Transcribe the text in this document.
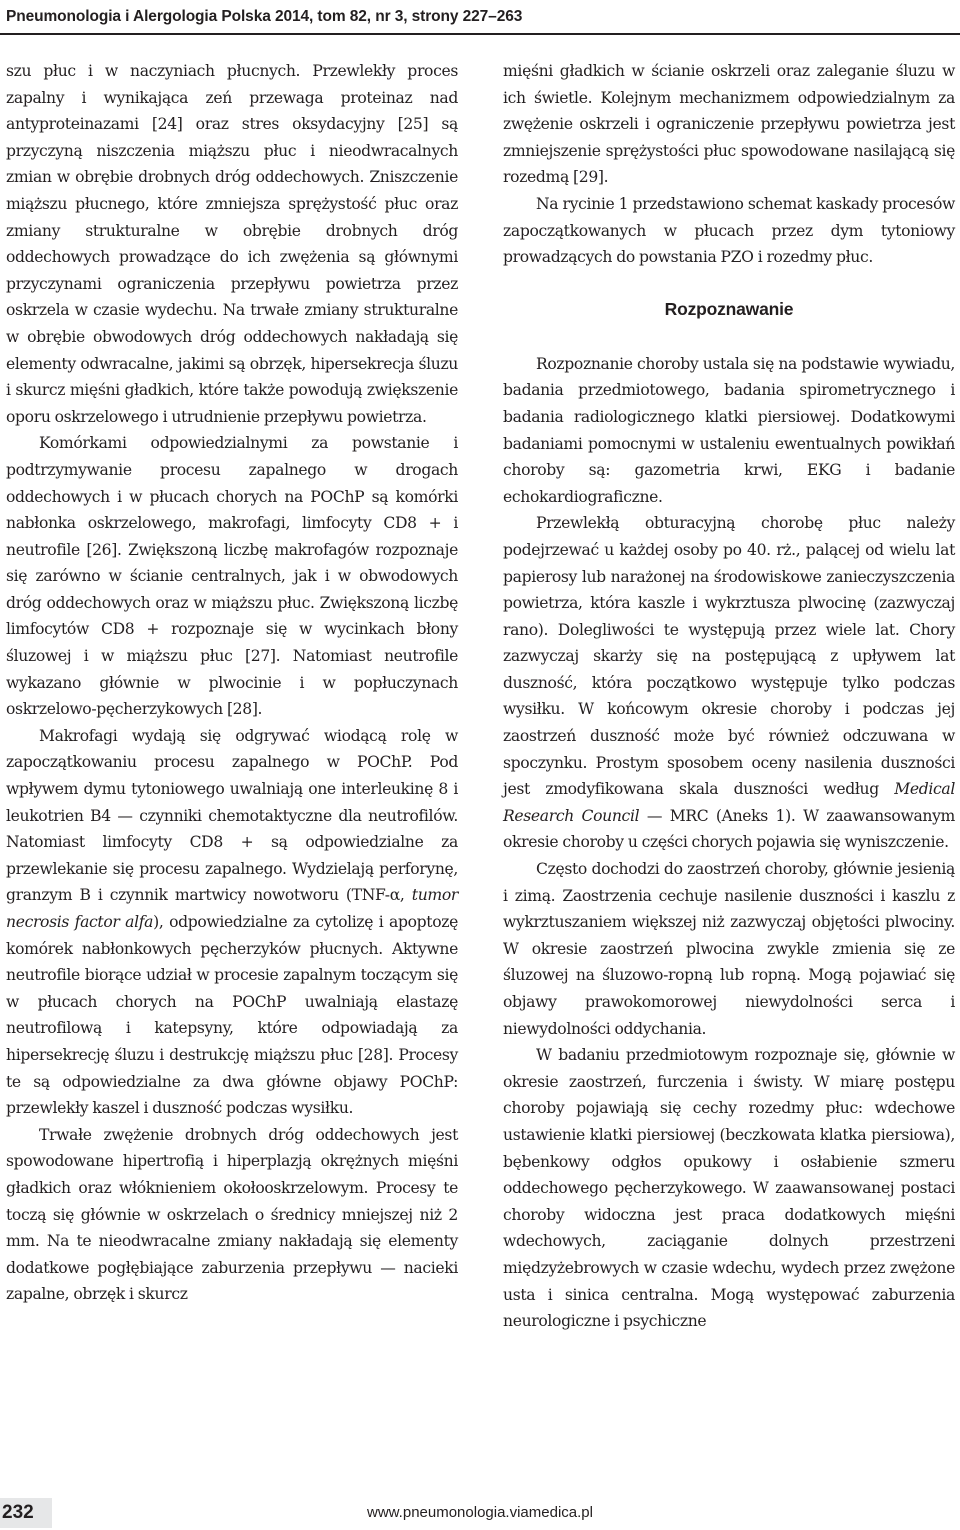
Pneumonologia i Alergologia Polska 2014, tom 82, nr 3, strony 227–263

szu płuc i w naczyniach płucnych. Przewlekły proces zapalny i wynikająca zeń przewaga proteinaz nad antyproteinazami [24] oraz stres oksydacyjny [25] są przyczyną niszczenia miąższu płuc i nieodwracalnych zmian w obrębie drobnych dróg oddechowych. Zniszczenie miąższu płucnego, które zmniejsza sprężystość płuc oraz zmiany strukturalne w obrębie drobnych dróg oddechowych prowadzące do ich zwężenia są głównymi przyczynami ograniczenia przepływu powietrza przez oskrzela w czasie wydechu. Na trwałe zmiany strukturalne w obrębie obwodowych dróg oddechowych nakładają się elementy odwracalne, jakimi są obrzęk, hipersekrecja śluzu i skurcz mięśni gładkich, które także powodują zwiększenie oporu oskrzelowego i utrudnienie przepływu powietrza.

Komórkami odpowiedzialnymi za powstanie i podtrzymywanie procesu zapalnego w drogach oddechowych i w płucach chorych na POChP są komórki nabłonka oskrzelowego, makrofagi, limfocyty CD8 + i neutrofile [26]. Zwiększoną liczbę makrofagów rozpoznaje się zarówno w ścianie centralnych, jak i w obwodowych dróg oddechowych oraz w miąższu płuc. Zwiększoną liczbę limfocytów CD8 + rozpoznaje się w wycinkach błony śluzowej i w miąższu płuc [27]. Natomiast neutrofile wykazano głównie w plwocinie i w popłuczynach oskrzelowo-pęcherzykowych [28].

Makrofagi wydają się odgrywać wiodącą rolę w zapoczątkowaniu procesu zapalnego w POChP. Pod wpływem dymu tytoniowego uwalniają one interleukinę 8 i leukotrien B4 — czynniki chemotaktyczne dla neutrofilów. Natomiast limfocyty CD8 + są odpowiedzialne za przewlekanie się procesu zapalnego. Wydzielają perforynę, granzym B i czynnik martwicy nowotworu (TNF-α, tumor necrosis factor alfa), odpowiedzialne za cytolizę i apoptozę komórek nabłonkowych pęcherzyków płucnych. Aktywne neutrofile biorące udział w procesie zapalnym toczącym się w płucach chorych na POChP uwalniają elastazę neutrofilową i katepsyny, które odpowiadają za hipersekrecję śluzu i destrukcję miąższu płuc [28]. Procesy te są odpowiedzialne za dwa główne objawy POChP: przewlekły kaszel i duszność podczas wysiłku.

Trwałe zwężenie drobnych dróg oddechowych jest spowodowane hipertrofią i hiperplazją okrężnych mięśni gładkich oraz włóknieniem okołooskrzelowym. Procesy te toczą się głównie w oskrzelach o średnicy mniejszej niż 2 mm. Na te nieodwracalne zmiany nakładają się elementy dodatkowe pogłębiające zaburzenia przepływu — nacieki zapalne, obrzęk i skurcz

mięśni gładkich w ścianie oskrzeli oraz zaleganie śluzu w ich świetle. Kolejnym mechanizmem odpowiedzialnym za zwężenie oskrzeli i ograniczenie przepływu powietrza jest zmniejszenie sprężystości płuc spowodowane nasilającą się rozedmą [29].

Na rycinie 1 przedstawiono schemat kaskady procesów zapoczątkowanych w płucach przez dym tytoniowy prowadzących do powstania PZO i rozedmy płuc.

Rozpoznawanie

Rozpoznanie choroby ustala się na podstawie wywiadu, badania przedmiotowego, badania spirometrycznego i badania radiologicznego klatki piersiowej. Dodatkowymi badaniami pomocnymi w ustaleniu ewentualnych powikłań choroby są: gazometria krwi, EKG i badanie echokardiograficzne.

Przewlekłą obturacyjną chorobę płuc należy podejrzewać u każdej osoby po 40. rż., palącej od wielu lat papierosy lub narażonej na środowiskowe zanieczyszczenia powietrza, która kaszle i wykrztusza plwocinę (zazwyczaj rano). Dolegliwości te występują przez wiele lat. Chory zazwyczaj skarży się na postępującą z upływem lat duszność, która początkowo występuje tylko podczas wysiłku. W końcowym okresie choroby i podczas jej zaostrzeń duszność może być również odczuwana w spoczynku. Prostym sposobem oceny nasilenia duszności jest zmodyfikowana skala duszności według Medical Research Council — MRC (Aneks 1). W zaawansowanym okresie choroby u części chorych pojawia się wyniszczenie.

Często dochodzi do zaostrzeń choroby, głównie jesienią i zimą. Zaostrzenia cechuje nasilenie duszności i kaszlu z wykrztuszaniem większej niż zazwyczaj objętości plwociny. W okresie zaostrzeń plwocina zwykle zmienia się ze śluzowej na śluzowo-ropną lub ropną. Mogą pojawiać się objawy prawokomorowej niewydolności serca i niewydolności oddychania.

W badaniu przedmiotowym rozpoznaje się, głównie w okresie zaostrzeń, furczenia i świsty. W miarę postępu choroby pojawiają się cechy rozedmy płuc: wdechowe ustawienie klatki piersiowej (beczkowata klatka piersiowa), bębenkowy odgłos opukowy i osłabienie szmeru oddechowego pęcherzykowego. W zaawansowanej postaci choroby widoczna jest praca dodatkowych mięśni wdechowych, zaciąganie dolnych przestrzeni międzyżebrowych w czasie wdechu, wydech przez zwężone usta i sinica centralna. Mogą występować zaburzenia neurologiczne i psychiczne

232	www.pneumonologia.viamedica.pl
